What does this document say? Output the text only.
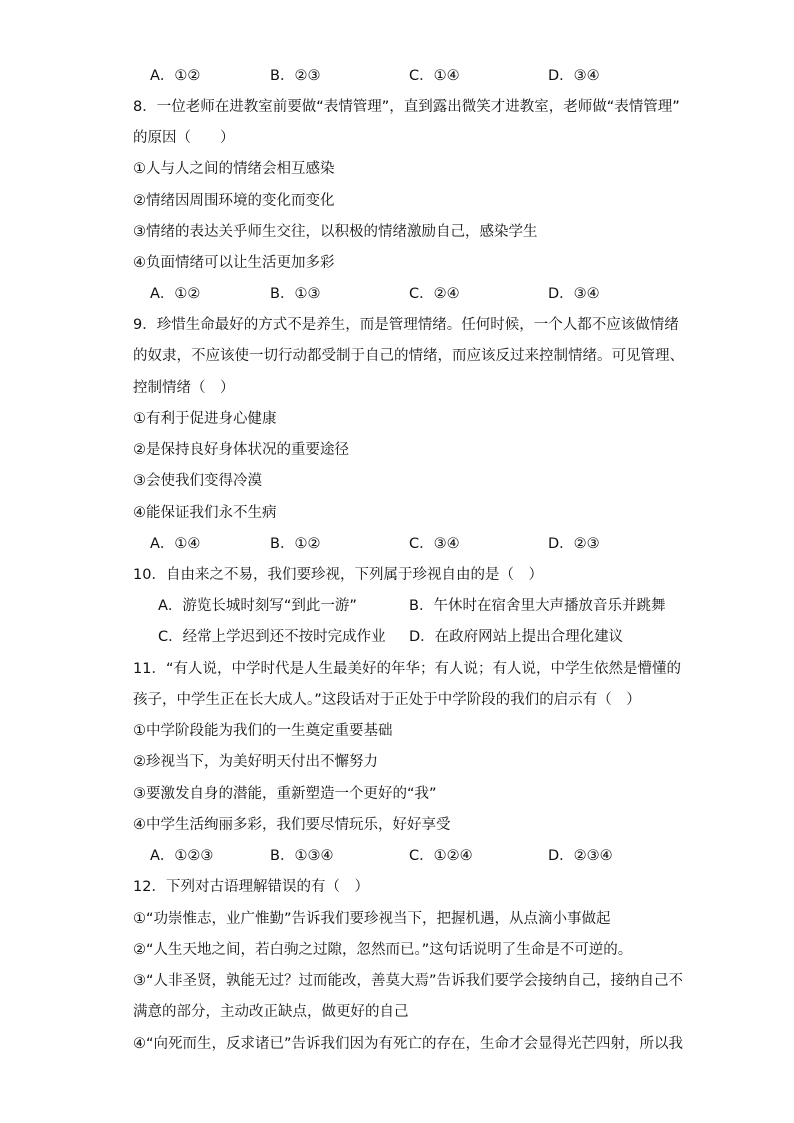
A．①②	B．②③	C．①④	D．③④
8．一位老师在进教室前要做“表情管理”，直到露出微笑才进教室，老师做“表情管理”
的原因（　　）
①人与人之间的情绪会相互感染
②情绪因周围环境的变化而变化
③情绪的表达关乎师生交往，以积极的情绪激励自己，感染学生
④负面情绪可以让生活更加多彩
A．①②	B．①③	C．②④	D．③④
9．珍惜生命最好的方式不是养生，而是管理情绪。任何时候，一个人都不应该做情绪
的奴隶，不应该使一切行动都受制于自己的情绪，而应该反过来控制情绪。可见管理、
控制情绪（　）
①有利于促进身心健康
②是保持良好身体状况的重要途径
③会使我们变得冷漠
④能保证我们永不生病
A．①④	B．①②	C．③④	D．②③
10．自由来之不易，我们要珍视，下列属于珍视自由的是（　）
A．游览长城时刻写“到此一游”	B．午休时在宿舍里大声播放音乐并跳舞
C．经常上学迟到还不按时完成作业 D．在政府网站上提出合理化建议
11．“有人说，中学时代是人生最美好的年华；有人说；有人说，中学生依然是懵懂的
孩子，中学生正在长大成人。”这段话对于正处于中学阶段的我们的启示有（　）
①中学阶段能为我们的一生奠定重要基础
②珍视当下，为美好明天付出不懈努力
③要激发自身的潜能，重新塑造一个更好的“我”
④中学生活绚丽多彩，我们要尽情玩乐，好好享受
A．①②③	B．①③④	C．①②④	D．②③④
12．下列对古语理解错误的有（　）
①“功崇惟志，业广惟勤”告诉我们要珍视当下，把握机遇，从点滴小事做起
②“人生天地之间，若白驹之过隙，忽然而已。”这句话说明了生命是不可逆的。
③“人非圣贤，孰能无过？过而能改，善莫大焉”告诉我们要学会接纳自己，接纳自己不
满意的部分，主动改正缺点，做更好的自己
④“向死而生，反求诸已”告诉我们因为有死亡的存在，生命才会显得光芒四射，所以我
